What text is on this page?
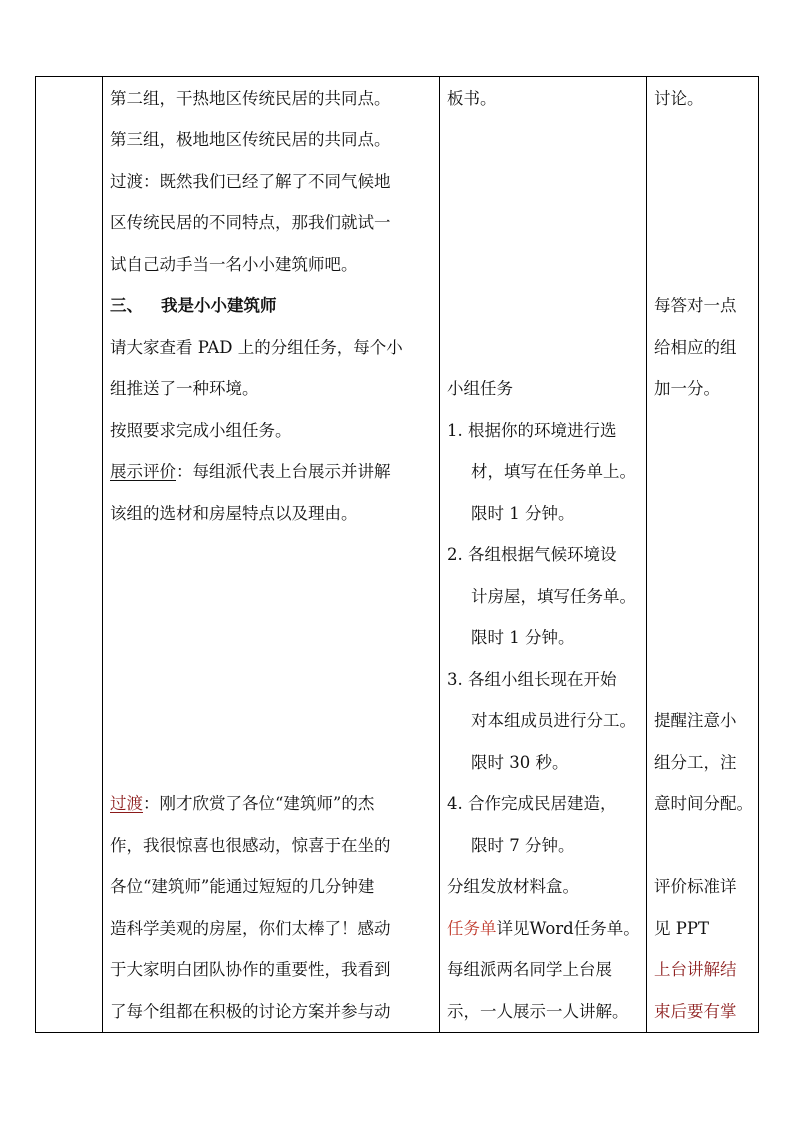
第二组，干热地区传统民居的共同点。
第三组，极地地区传统民居的共同点。
过渡：既然我们已经了解了不同气候地
区传统民居的不同特点，那我们就试一
试自己动手当一名小小建筑师吧。
三、 我是小小建筑师
请大家查看 PAD 上的分组任务，每个小
组推送了一种环境。
按照要求完成小组任务。
展示评价：每组派代表上台展示并讲解
该组的选材和房屋特点以及理由。
过渡：刚才欣赏了各位“建筑师”的杰
作，我很惊喜也很感动，惊喜于在坐的
各位“建筑师”能通过短短的几分钟建
造科学美观的房屋，你们太棒了！感动
于大家明白团队协作的重要性，我看到
了每个组都在积极的讨论方案并参与动
板书。
小组任务
1. 根据你的环境进行选
材，填写在任务单上。
限时 1 分钟。
2. 各组根据气候环境设
计房屋，填写任务单。
限时 1 分钟。
3. 各组小组长现在开始
对本组成员进行分工。
限时 30 秒。
4. 合作完成民居建造，
限时 7 分钟。
分组发放材料盒。
任务单详见Word任务单。
每组派两名同学上台展
示，一人展示一人讲解。
讨论。
每答对一点
给相应的组
加一分。
提醒注意小
组分工，注
意时间分配。
评价标准详
见 PPT
上台讲解结
束后要有掌
